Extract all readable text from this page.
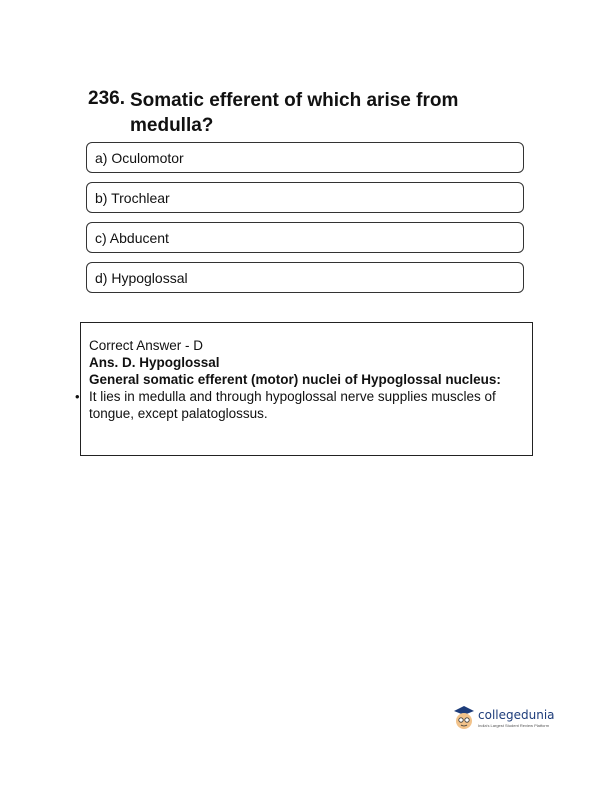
236. Somatic efferent of which arise from medulla?
a) Oculomotor
b) Trochlear
c) Abducent
d) Hypoglossal
Correct Answer - D
Ans. D. Hypoglossal
General somatic efferent (motor) nuclei of Hypoglossal nucleus:
• It lies in medulla and through hypoglossal nerve supplies muscles of tongue, except palatoglossus.
collegedunia
India's Largest Student Review Platform
